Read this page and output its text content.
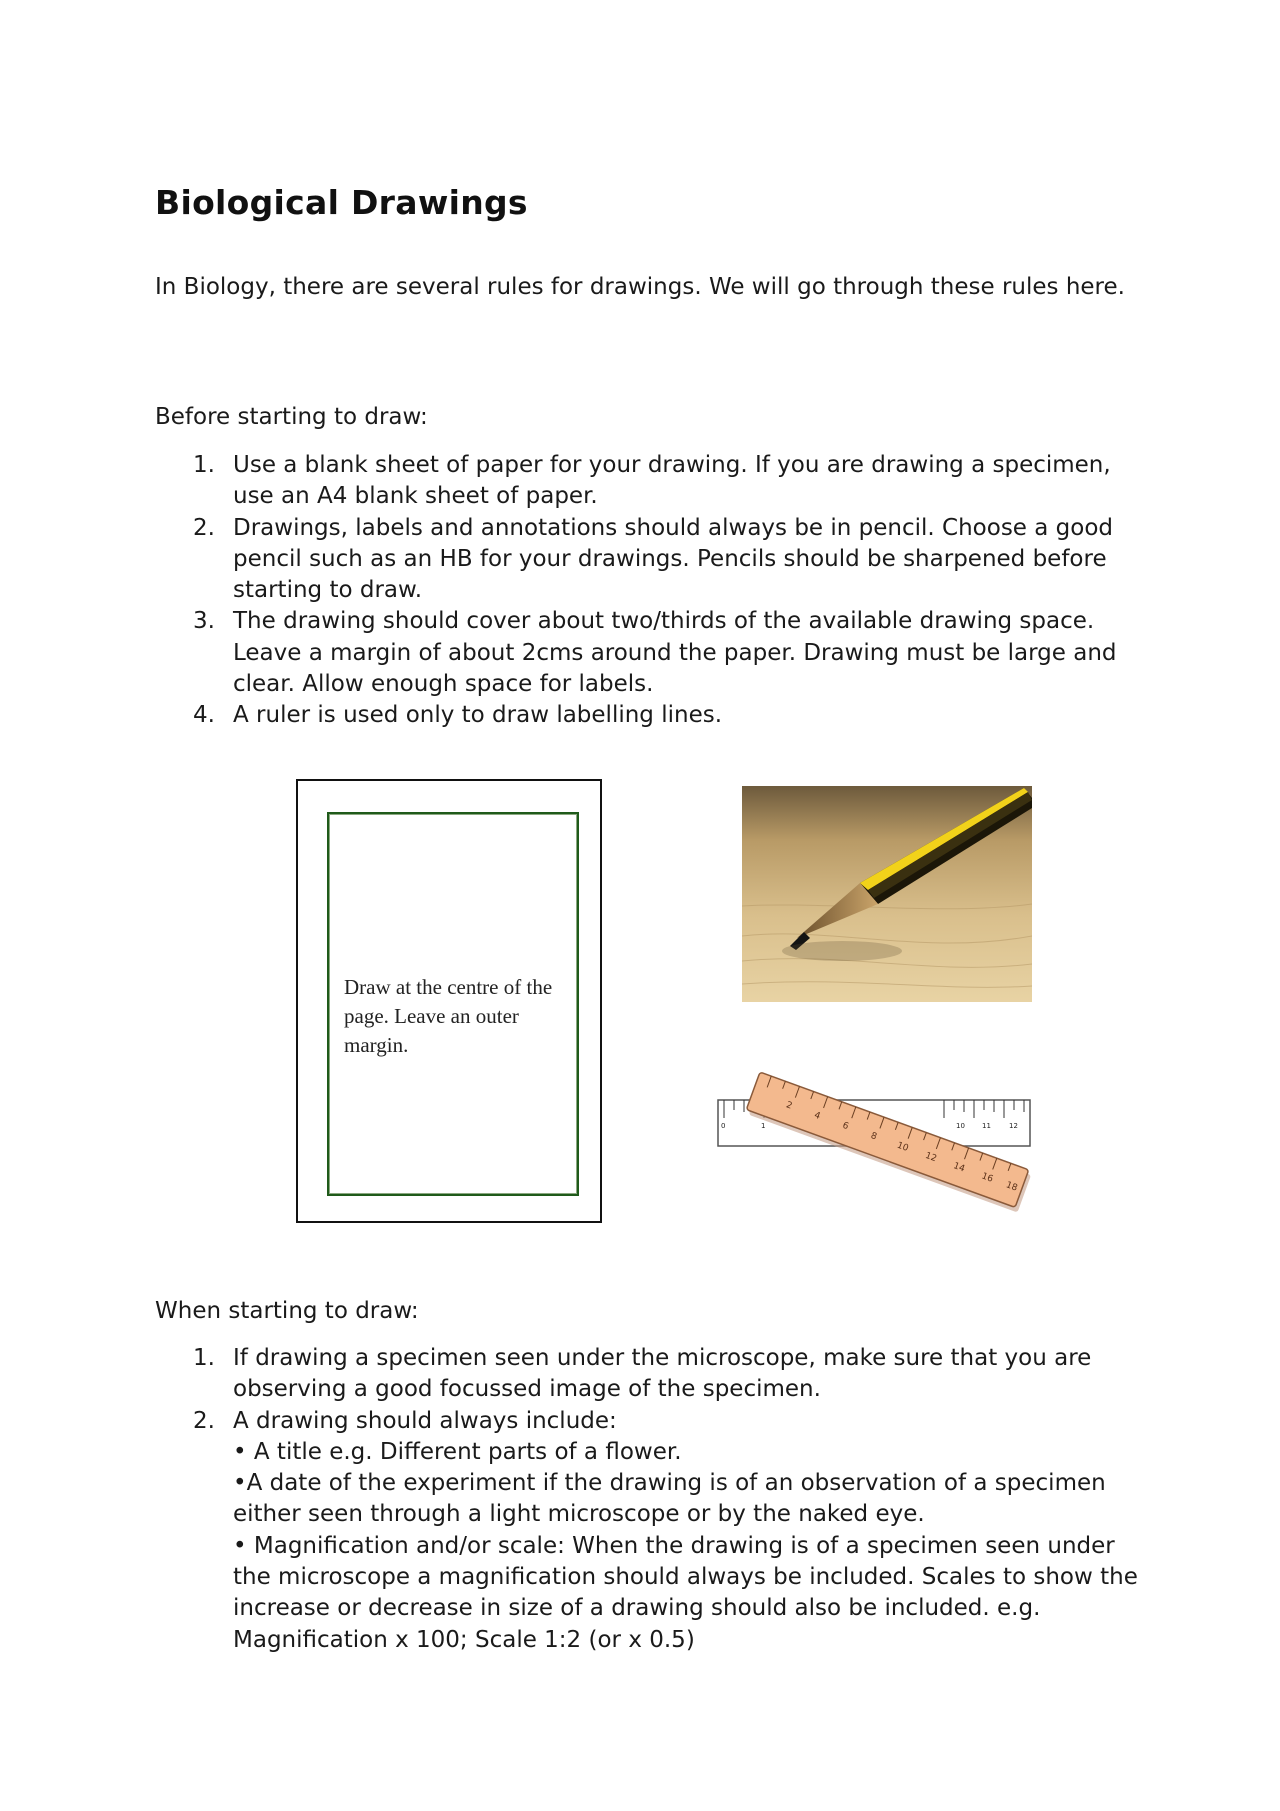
Biological Drawings

In Biology, there are several rules for drawings. We will go through these rules here.

Before starting to draw:

1. Use a blank sheet of paper for your drawing. If you are drawing a specimen, use an A4 blank sheet of paper.
2. Drawings, labels and annotations should always be in pencil. Choose a good pencil such as an HB for your drawings. Pencils should be sharpened before starting to draw.
3. The drawing should cover about two/thirds of the available drawing space. Leave a margin of about 2cms around the paper. Drawing must be large and clear. Allow enough space for labels.
4. A ruler is used only to draw labelling lines.
Draw at the centre of the page. Leave an outer margin.
0	1	10 11	12
2
4
6
8
10
12
14
16
18

When starting to draw:

1. If drawing a specimen seen under the microscope, make sure that you are observing a good focussed image of the specimen.
2. A drawing should always include:
• A title e.g. Different parts of a flower.
•A date of the experiment if the drawing is of an observation of a specimen either seen through a light microscope or by the naked eye.
• Magnification and/or scale: When the drawing is of a specimen seen under the microscope a magnification should always be included. Scales to show the increase or decrease in size of a drawing should also be included. e.g. Magnification x 100; Scale 1:2 (or x 0.5)
